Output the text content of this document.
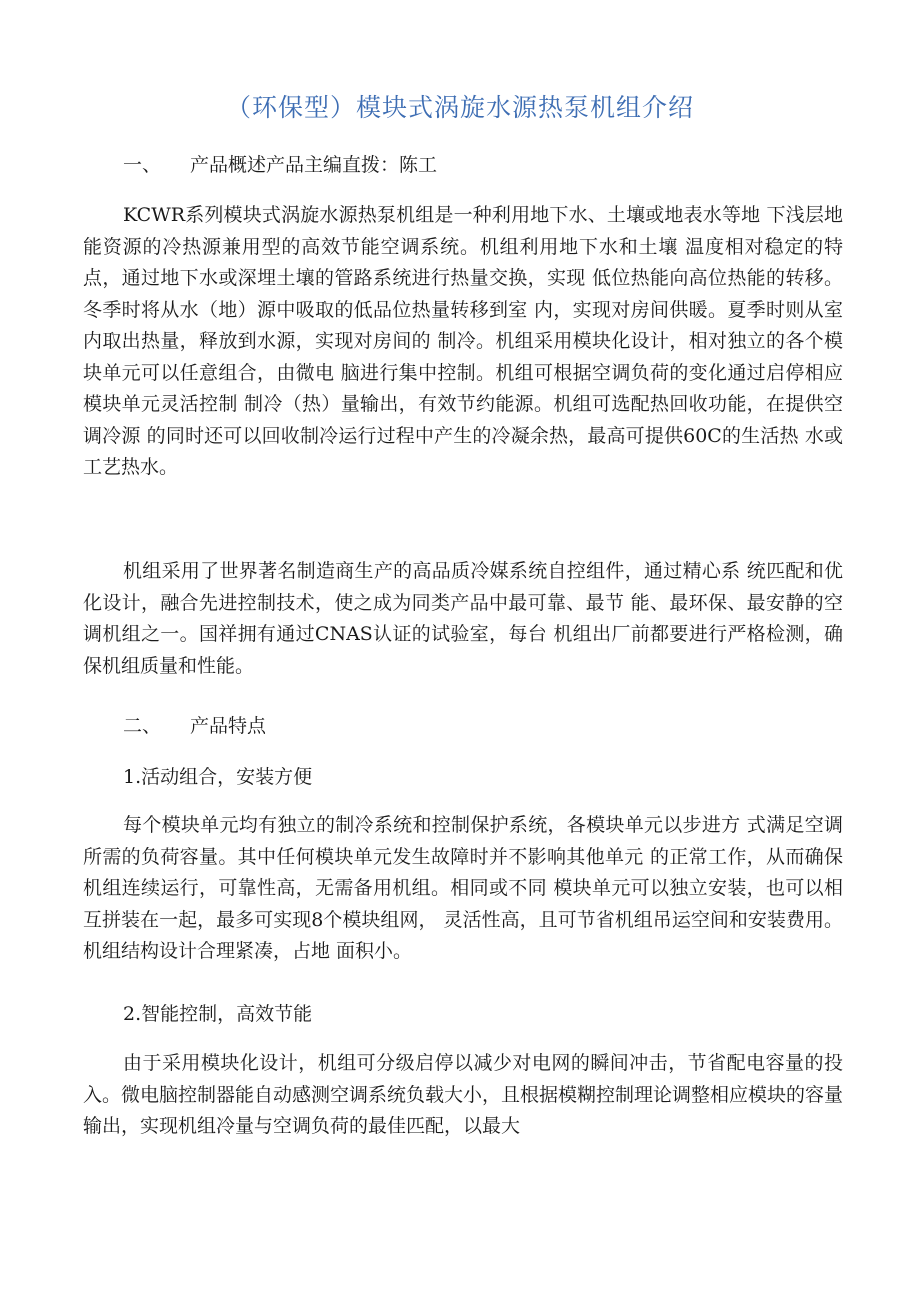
（环保型）模块式涡旋水源热泵机组介绍
一、 产品概述产品主编直拨：陈工

KCWR系列模块式涡旋水源热泵机组是一种利用地下水、土壤或地表水等地 下浅层地能资源的冷热源兼用型的高效节能空调系统。机组利用地下水和土壤 温度相对稳定的特点，通过地下水或深埋土壤的管路系统进行热量交换，实现 低位热能向高位热能的转移。冬季时将从水（地）源中吸取的低品位热量转移到室 内，实现对房间供暖。夏季时则从室内取出热量，释放到水源，实现对房间的 制冷。机组采用模块化设计，相对独立的各个模块单元可以任意组合，由微电 脑进行集中控制。机组可根据空调负荷的变化通过启停相应模块单元灵活控制 制冷（热）量输出，有效节约能源。机组可选配热回收功能，在提供空调冷源 的同时还可以回收制冷运行过程中产生的冷凝余热，最高可提供60C的生活热 水或工艺热水。

机组采用了世界著名制造商生产的高品质冷媒系统自控组件，通过精心系 统匹配和优化设计，融合先进控制技术，使之成为同类产品中最可靠、最节 能、最环保、最安静的空调机组之一。国祥拥有通过CNAS认证的试验室，每台 机组出厂前都要进行严格检测，确保机组质量和性能。

二、 产品特点
1.活动组合，安装方便

每个模块单元均有独立的制冷系统和控制保护系统，各模块单元以步进方 式满足空调所需的负荷容量。其中任何模块单元发生故障时并不影响其他单元 的正常工作，从而确保机组连续运行，可靠性高，无需备用机组。相同或不同 模块单元可以独立安装，也可以相互拼装在一起，最多可实现8个模块组网， 灵活性高，且可节省机组吊运空间和安装费用。机组结构设计合理紧凑，占地 面积小。

2.智能控制，高效节能

由于采用模块化设计，机组可分级启停以减少对电网的瞬间冲击，节省配电容量的投入。微电脑控制器能自动感测空调系统负载大小，且根据模糊控制理论调整相应模块的容量输出，实现机组冷量与空调负荷的最佳匹配，以最大
